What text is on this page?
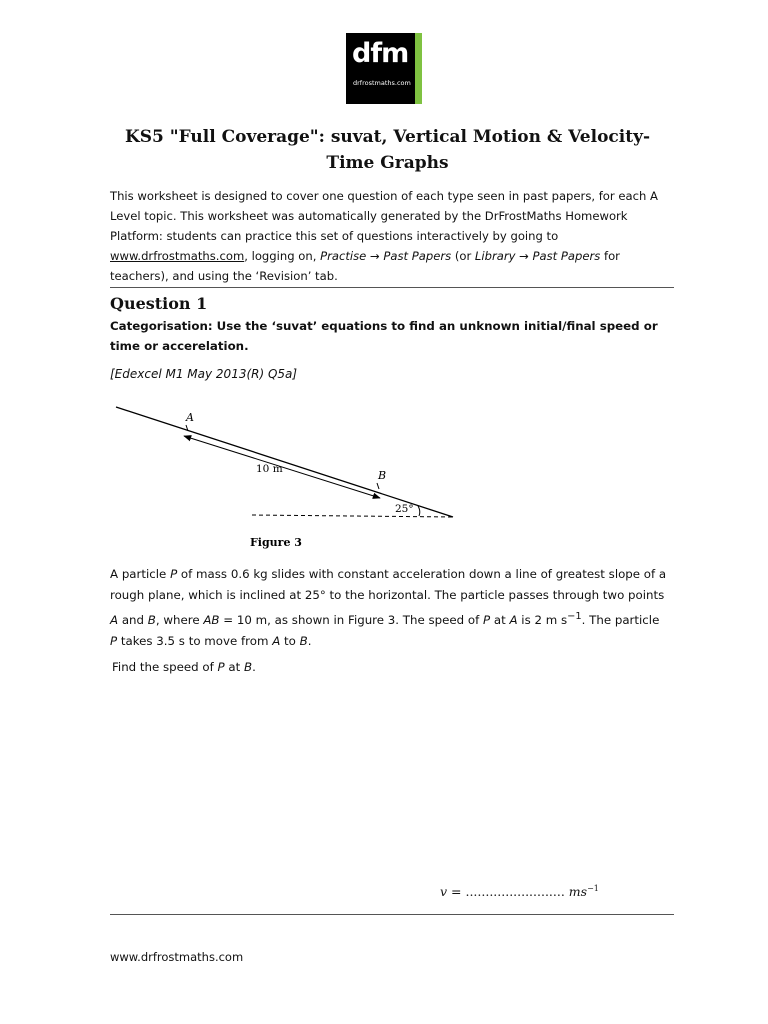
dfm
drfrostmaths.com
KS5 "Full Coverage": suvat, Vertical Motion & Velocity-
Time Graphs
This worksheet is designed to cover one question of each type seen in past papers, for each A Level topic. This worksheet was automatically generated by the DrFrostMaths Homework Platform: students can practice this set of questions interactively by going to www.drfrostmaths.com, logging on, Practise → Past Papers (or Library → Past Papers for teachers), and using the ‘Revision’ tab.
Question 1
Categorisation: Use the ‘suvat’ equations to find an unknown initial/final speed or time or accerelation.
[Edexcel M1 May 2013(R) Q5a]
A
B
10 m
25°
Figure 3
A particle P of mass 0.6 kg slides with constant acceleration down a line of greatest slope of a rough plane, which is inclined at 25° to the horizontal. The particle passes through two points A and B, where AB = 10 m, as shown in Figure 3. The speed of P at A is 2 m $s^{-1}$. The particle P takes 3.5 s to move from A to B.
Find the speed of P at B.
v = ......................... $ms^{-1}$
www.drfrostmaths.com
